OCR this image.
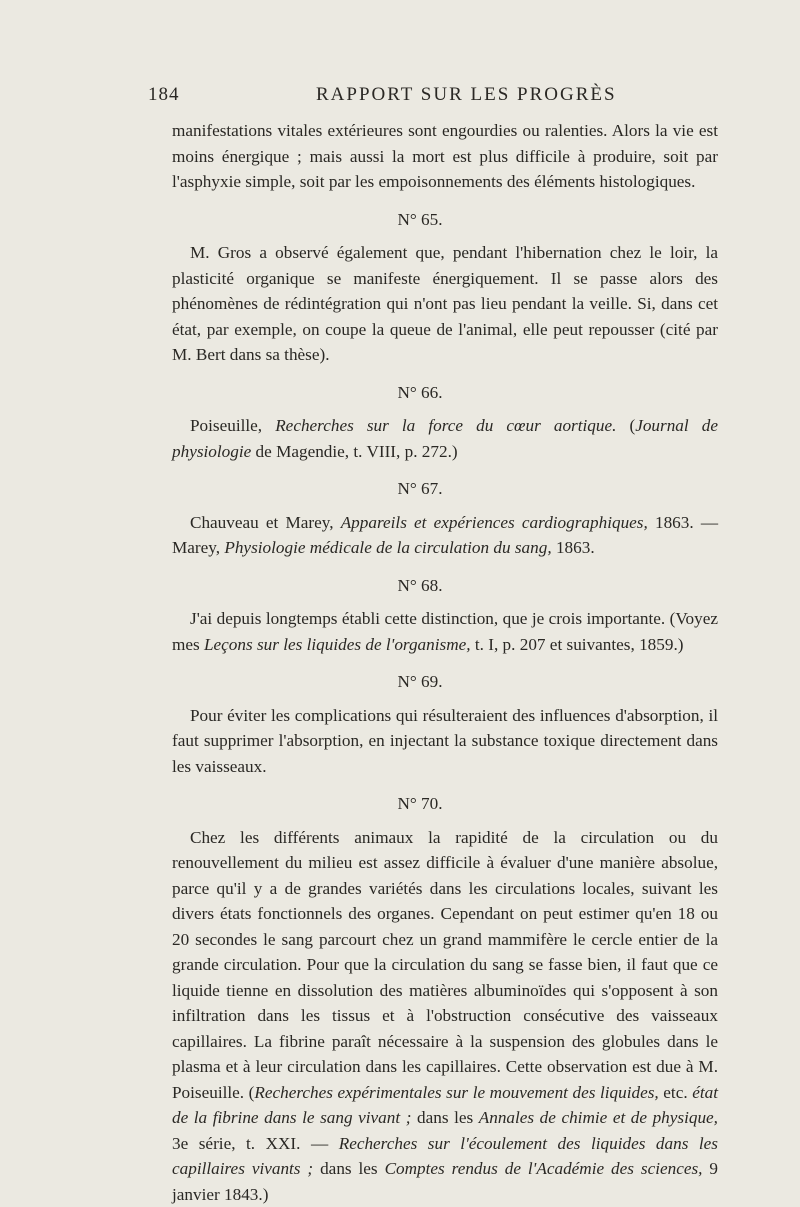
184	RAPPORT SUR LES PROGRÈS

manifestations vitales extérieures sont engourdies ou ralenties. Alors la vie est moins énergique ; mais aussi la mort est plus difficile à produire, soit par l'asphyxie simple, soit par les empoisonnements des éléments histologiques.

N° 65.

M. Gros a observé également que, pendant l'hibernation chez le loir, la plasticité organique se manifeste énergiquement. Il se passe alors des phénomènes de rédintégration qui n'ont pas lieu pendant la veille. Si, dans cet état, par exemple, on coupe la queue de l'animal, elle peut repousser (cité par M. Bert dans sa thèse).

N° 66.

Poiseuille, Recherches sur la force du cœur aortique. (Journal de physiologie de Magendie, t. VIII, p. 272.)

N° 67.

Chauveau et Marey, Appareils et expériences cardiographiques, 1863. — Marey, Physiologie médicale de la circulation du sang, 1863.

N° 68.

J'ai depuis longtemps établi cette distinction, que je crois importante. (Voyez mes Leçons sur les liquides de l'organisme, t. I, p. 207 et suivantes, 1859.)

N° 69.

Pour éviter les complications qui résulteraient des influences d'absorption, il faut supprimer l'absorption, en injectant la substance toxique directement dans les vaisseaux.

N° 70.

Chez les différents animaux la rapidité de la circulation ou du renouvellement du milieu est assez difficile à évaluer d'une manière absolue, parce qu'il y a de grandes variétés dans les circulations locales, suivant les divers états fonctionnels des organes. Cependant on peut estimer qu'en 18 ou 20 secondes le sang parcourt chez un grand mammifère le cercle entier de la grande circulation. Pour que la circulation du sang se fasse bien, il faut que ce liquide tienne en dissolution des matières albuminoïdes qui s'opposent à son infiltration dans les tissus et à l'obstruction consécutive des vaisseaux capillaires. La fibrine paraît nécessaire à la suspension des globules dans le plasma et à leur circulation dans les capillaires. Cette observation est due à M. Poiseuille. (Recherches expérimentales sur le mouvement des liquides, etc. état de la fibrine dans le sang vivant ; dans les Annales de chimie et de physique, 3e série, t. XXI. — Recherches sur l'écoulement des liquides dans les capillaires vivants ; dans les Comptes rendus de l'Académie des sciences, 9 janvier 1843.)
